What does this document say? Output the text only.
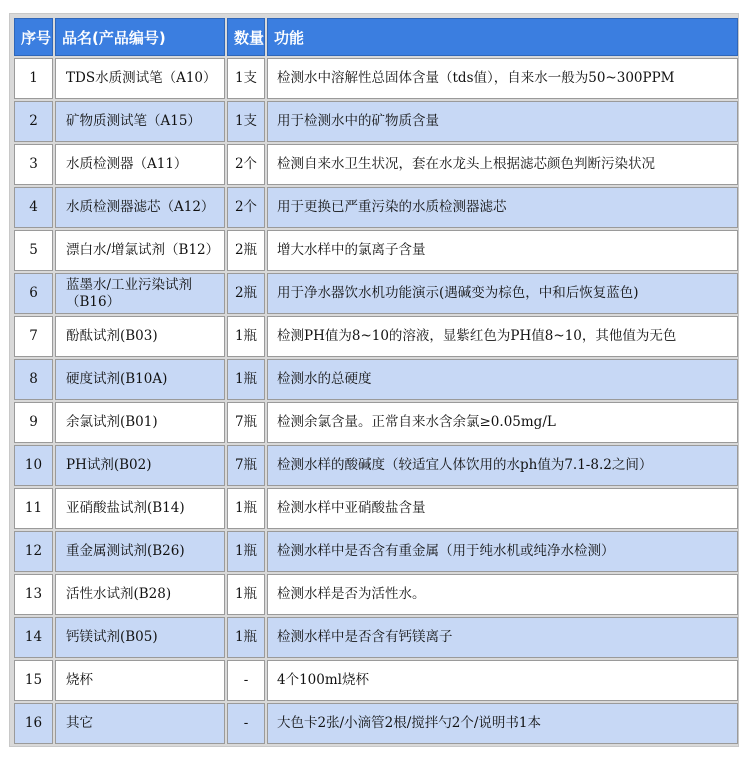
序号	品名(产品编号)	数量	功能
1	TDS水质测试笔（A10）	1支	检测水中溶解性总固体含量（tds值），自来水一般为50~300PPM
2	矿物质测试笔（A15）	1支	用于检测水中的矿物质含量
3	水质检测器（A11）	2个	检测自来水卫生状况，套在水龙头上根据滤芯颜色判断污染状况
4	水质检测器滤芯（A12）	2个	用于更换已严重污染的水质检测器滤芯
5	漂白水/增氯试剂（B12）	2瓶	增大水样中的氯离子含量
6	蓝墨水/工业污染试剂（B16）	2瓶	用于净水器饮水机功能演示(遇碱变为棕色，中和后恢复蓝色)
7	酚酞试剂(B03)	1瓶	检测PH值为8~10的溶液，显紫红色为PH值8~10，其他值为无色
8	硬度试剂(B10A)	1瓶	检测水的总硬度
9	余氯试剂(B01)	7瓶	检测余氯含量。正常自来水含余氯≥0.05mg/L
10	PH试剂(B02)	7瓶	检测水样的酸碱度（较适宜人体饮用的水ph值为7.1-8.2之间）
11	亚硝酸盐试剂(B14)	1瓶	检测水样中亚硝酸盐含量
12	重金属测试剂(B26)	1瓶	检测水样中是否含有重金属（用于纯水机或纯净水检测）
13	活性水试剂(B28)	1瓶	检测水样是否为活性水。
14	钙镁试剂(B05)	1瓶	检测水样中是否含有钙镁离子
15	烧杯	-	4个100ml烧杯
16	其它	-	大色卡2张/小滴管2根/搅拌勺2个/说明书1本
